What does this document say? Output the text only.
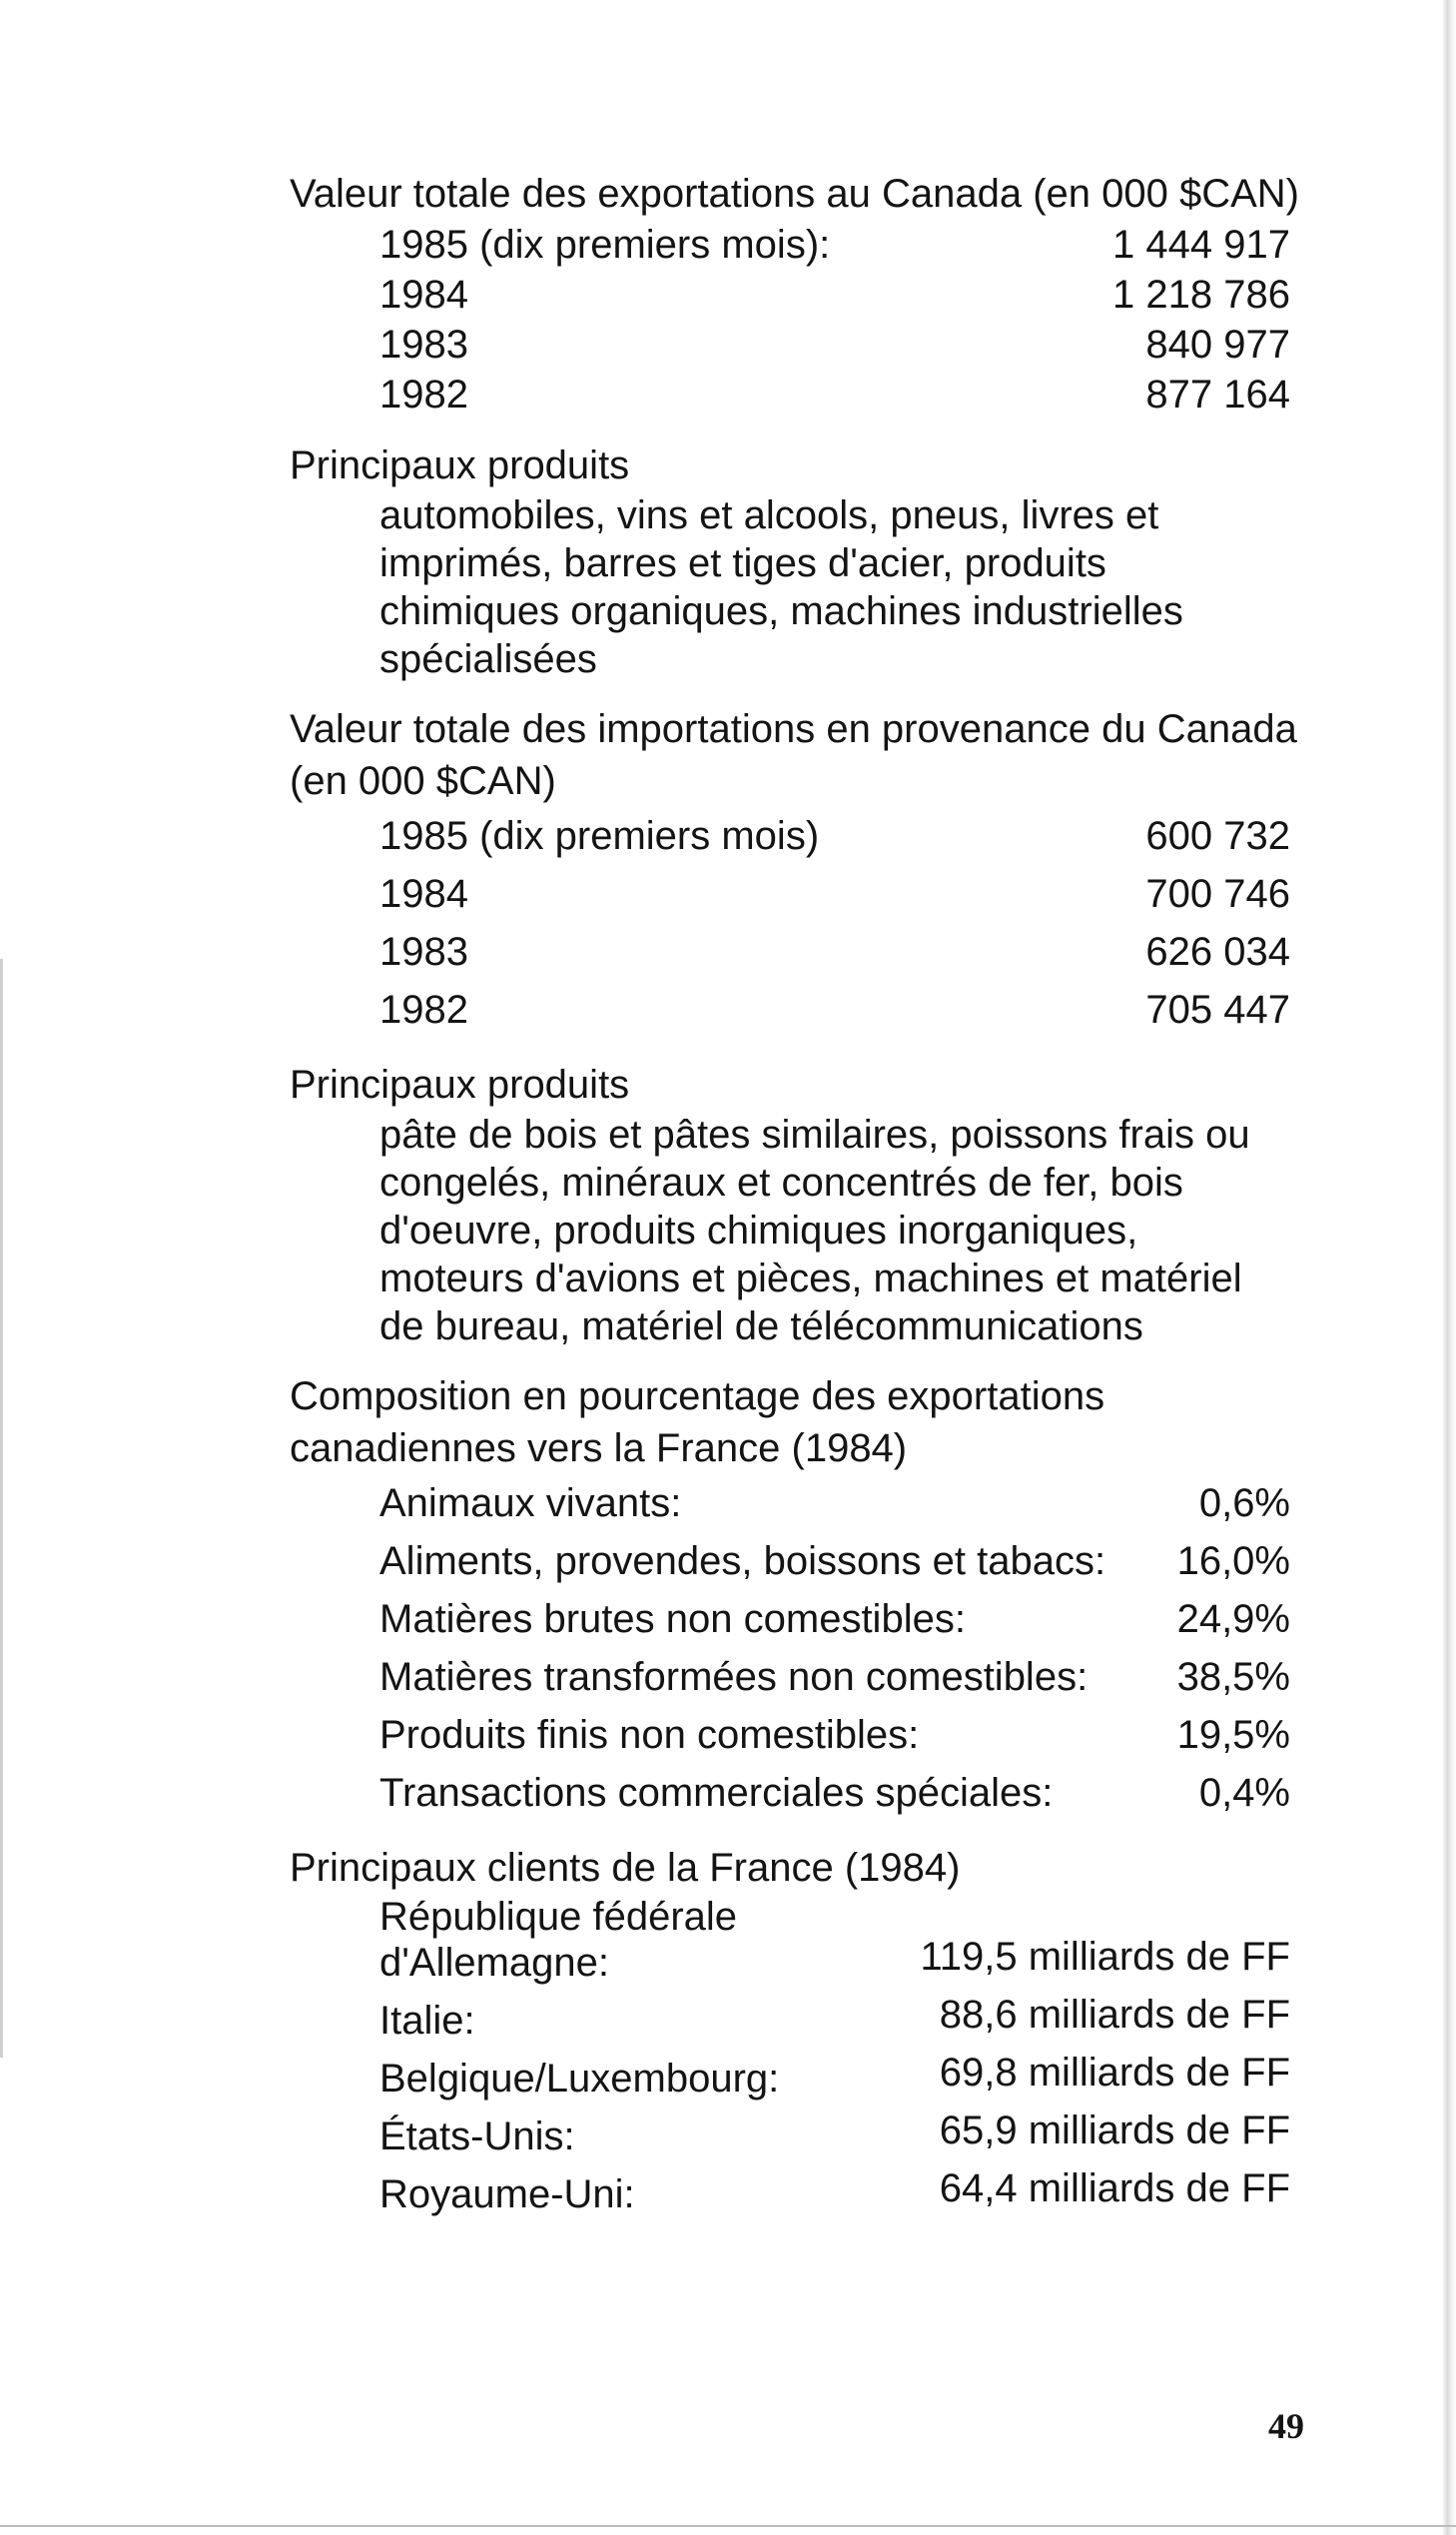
Valeur totale des exportations au Canada (en 000 $CAN)
1985 (dix premiers mois):	1 444 917
1984	1 218 786
1983	840 977
1982	877 164
Principaux produits

automobiles, vins et alcools, pneus, livres et imprimés, barres et tiges d'acier, produits chimiques organiques, machines industrielles spécialisées

Valeur totale des importations en provenance du Canada (en 000 $CAN)
1985 (dix premiers mois)	600 732
1984	700 746
1983	626 034
1982	705 447
Principaux produits

pâte de bois et pâtes similaires, poissons frais ou congelés, minéraux et concentrés de fer, bois d'oeuvre, produits chimiques inorganiques, moteurs d'avions et pièces, machines et matériel de bureau, matériel de télécommunications

Composition en pourcentage des exportations canadiennes vers la France (1984)
Animaux vivants:	0,6%
Aliments, provendes, boissons et tabacs: 16,0%
Matières brutes non comestibles:	24,9%
Matières transformées non comestibles: 38,5%
Produits finis non comestibles:	19,5%
Transactions commerciales spéciales:	0,4%
Principaux clients de la France (1984)
République fédérale d'Allemagne:	119,5 milliards de FF
Italie:	88,6 milliards de FF
Belgique/Luxembourg:	69,8 milliards de FF
États-Unis:	65,9 milliards de FF
Royaume-Uni:	64,4 milliards de FF
49
